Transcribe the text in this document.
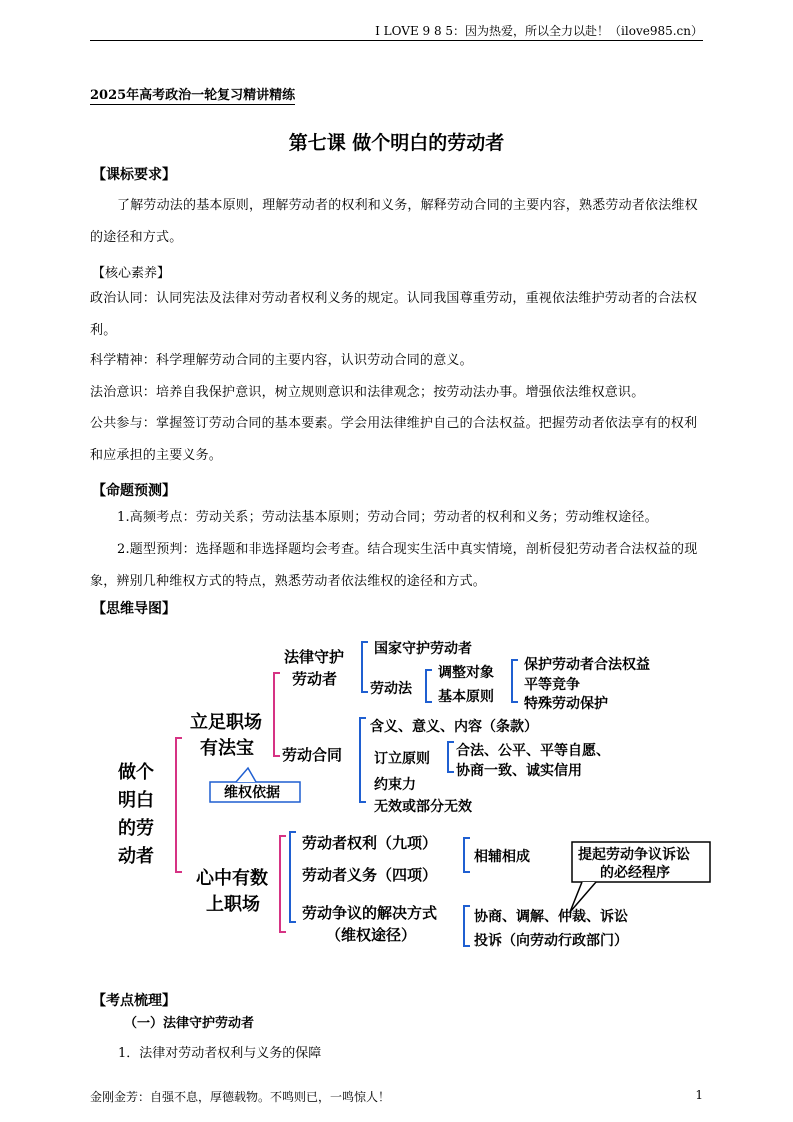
I LOVE 9 8 5：因为热爱，所以全力以赴！（ilove985.cn）
2025年高考政治一轮复习精讲精练
第七课 做个明白的劳动者
【课标要求】
了解劳动法的基本原则，理解劳动者的权利和义务，解释劳动合同的主要内容，熟悉劳动者依法维权的途径和方式。
【核心素养】
政治认同：认同宪法及法律对劳动者权利义务的规定。认同我国尊重劳动，重视依法维护劳动者的合法权利。
科学精神：科学理解劳动合同的主要内容，认识劳动合同的意义。
法治意识：培养自我保护意识，树立规则意识和法律观念；按劳动法办事。增强依法维权意识。
公共参与：掌握签订劳动合同的基本要素。学会用法律维护自己的合法权益。把握劳动者依法享有的权利和应承担的主要义务。
【命题预测】
1.高频考点：劳动关系；劳动法基本原则；劳动合同；劳动者的权利和义务；劳动维权途径。
2.题型预判：选择题和非选择题均会考查。结合现实生活中真实情境，剖析侵犯劳动者合法权益的现象，辨别几种维权方式的特点，熟悉劳动者依法维权的途径和方式。
【思维导图】
做个
明白
的劳
动者
立足职场
有法宝
法律守护
劳动者
国家守护劳动者
劳动法
调整对象
基本原则
保护劳动者合法权益
平等竞争
特殊劳动保护
劳动合同
含义、意义、内容（条款）
订立原则
约束力
无效或部分无效
合法、公平、平等自愿、
协商一致、诚实信用
维权依据
心中有数
上职场
劳动者权利（九项）
劳动者义务（四项）
劳动争议的解决方式
（维权途径）
相辅相成
协商、调解、仲裁、诉讼
投诉（向劳动行政部门）
提起劳动争议诉讼
的必经程序
【考点梳理】
（一）法律守护劳动者
1．法律对劳动者权利与义务的保障
金刚金芳：自强不息，厚德载物。不鸣则已，一鸣惊人！	1
